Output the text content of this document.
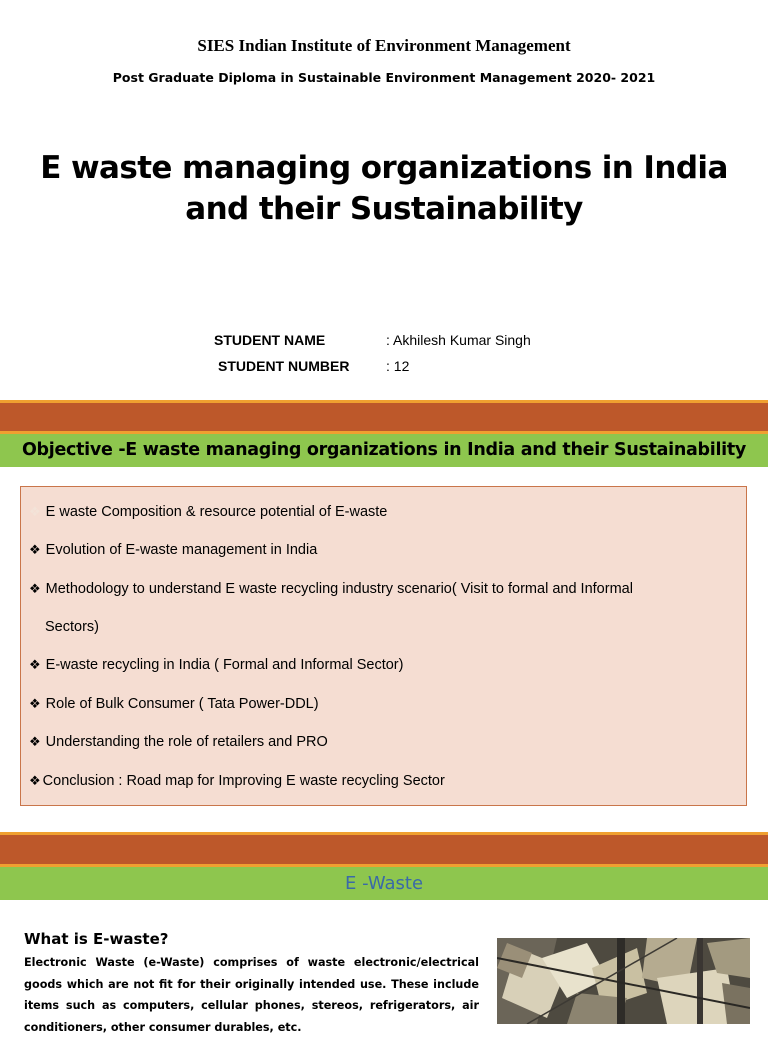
SIES Indian Institute of Environment Management
Post Graduate Diploma in Sustainable Environment Management 2020- 2021
E waste managing organizations in India and their Sustainability
STUDENT NAME	: Akhilesh Kumar Singh
STUDENT NUMBER	: 12
Objective -E waste managing organizations in India and their Sustainability
❖ E waste Composition & resource potential of E-waste
❖ Evolution of E-waste management in India
❖ Methodology to understand E waste recycling industry scenario( Visit to formal and Informal
Sectors)
❖ E-waste recycling in India ( Formal and Informal Sector)
❖ Role of Bulk Consumer ( Tata Power-DDL)
❖ Understanding the role of retailers and PRO
❖ Conclusion : Road map for Improving E waste recycling Sector
E -Waste
What is E-waste?
Electronic Waste (e-Waste) comprises of waste electronic/electrical goods which are not fit for their originally intended use. These include items such as computers, cellular phones, stereos, refrigerators, air conditioners, other consumer durables, etc.
